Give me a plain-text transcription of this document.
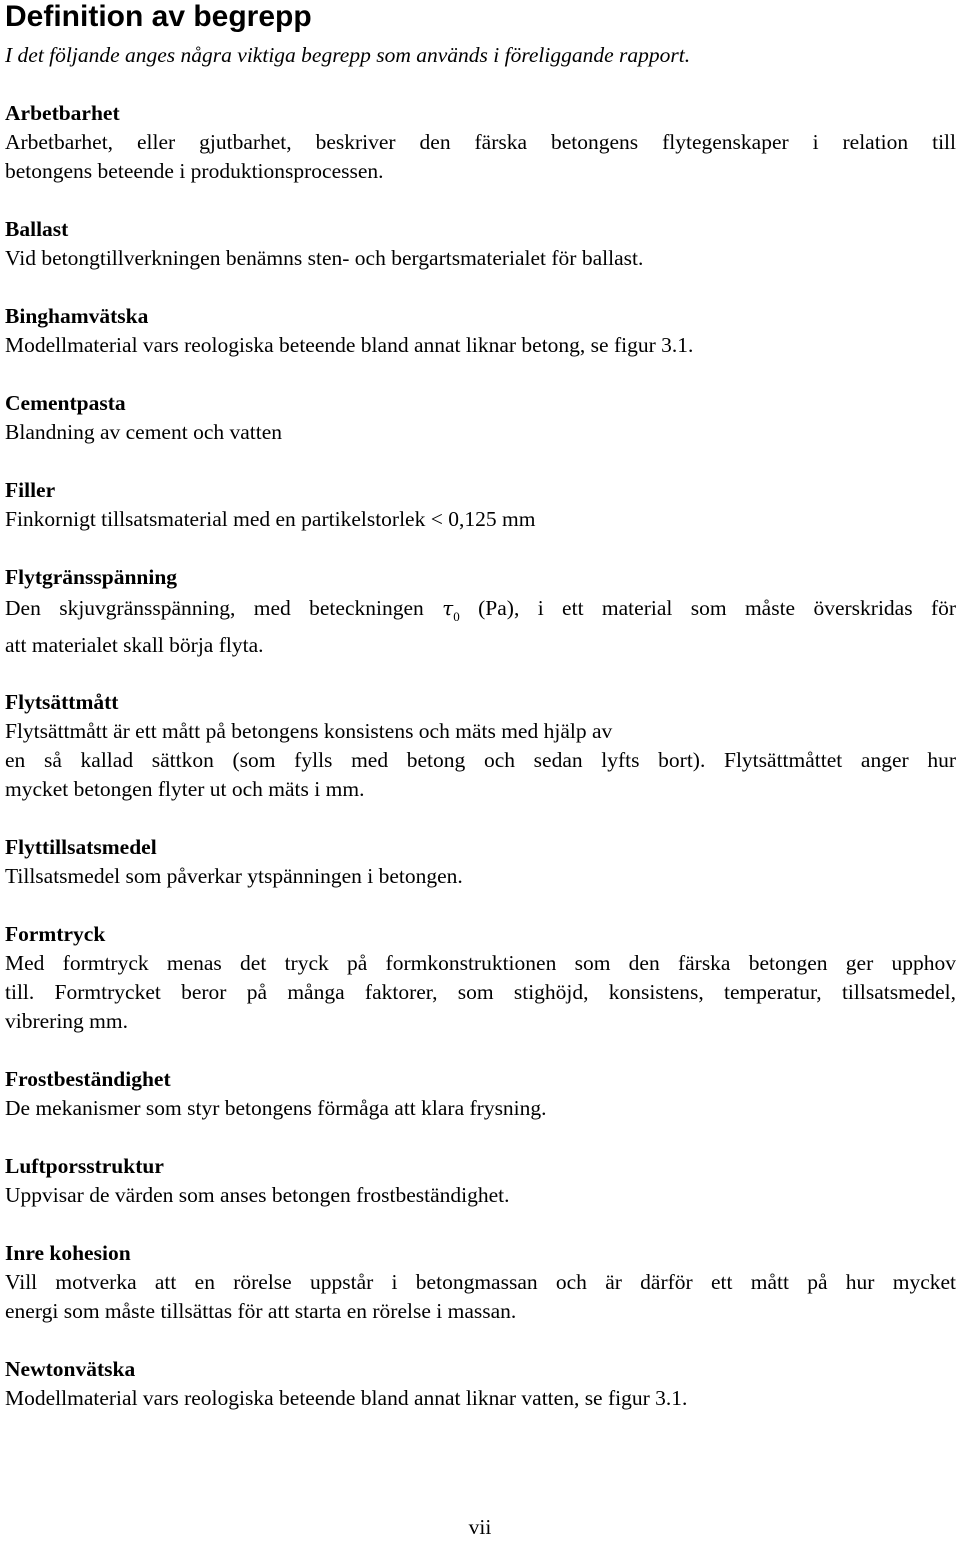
Definition av begrepp

I det följande anges några viktiga begrepp som används i föreliggande rapport.

Arbetbarhet

Arbetbarhet, eller gjutbarhet, beskriver den färska betongens flytegenskaper i relation till
betongens beteende i produktionsprocessen.

Ballast

Vid betongtillverkningen benämns sten- och bergartsmaterialet för ballast.

Binghamvätska

Modellmaterial vars reologiska beteende bland annat liknar betong, se figur 3.1.

Cementpasta

Blandning av cement och vatten

Filler

Finkornigt tillsatsmaterial med en partikelstorlek < 0,125 mm

Flytgränsspänning

Den skjuvgränsspänning, med beteckningen $\tau_0$ (Pa), i ett material som måste överskridas för

att materialet skall börja flyta.

Flytsättmått

Flytsättmått är ett mått på betongens konsistens och mäts med hjälp av
en så kallad sättkon (som fylls med betong och sedan lyfts bort). Flytsättmåttet anger hur
mycket betongen flyter ut och mäts i mm.

Flyttillsatsmedel

Tillsatsmedel som påverkar ytspänningen i betongen.

Formtryck

Med formtryck menas det tryck på formkonstruktionen som den färska betongen ger upphov
till. Formtrycket beror på många faktorer, som stighöjd, konsistens, temperatur, tillsatsmedel,
vibrering mm.

Frostbeständighet

De mekanismer som styr betongens förmåga att klara frysning.

Luftporsstruktur

Uppvisar de värden som anses betongen frostbeständighet.

Inre kohesion

Vill motverka att en rörelse uppstår i betongmassan och är därför ett mått på hur mycket
energi som måste tillsättas för att starta en rörelse i massan.

Newtonvätska

Modellmaterial vars reologiska beteende bland annat liknar vatten, se figur 3.1.

vii
